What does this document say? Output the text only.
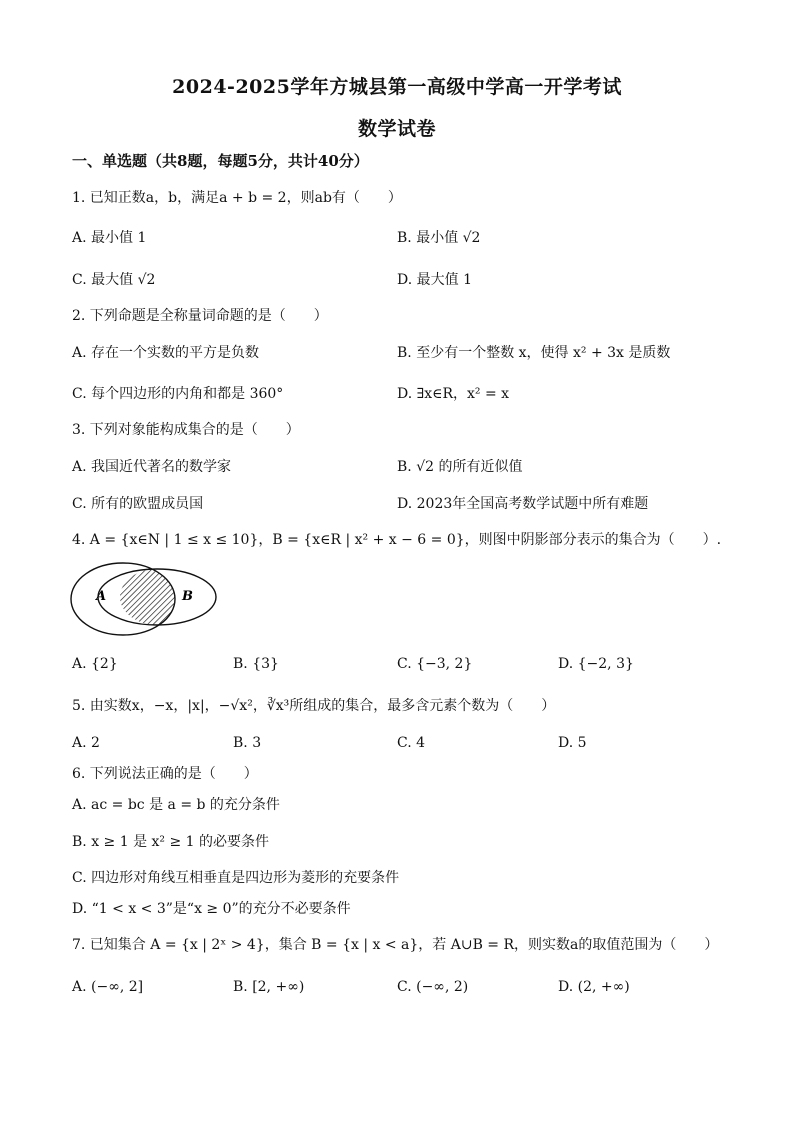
2024-2025学年方城县第一高级中学高一开学考试
数学试卷
一、单选题（共8题，每题5分，共计40分）
1. 已知正数a，b，满足a + b = 2，则ab有（　　）
A. 最小值 1	B. 最小值 √2
C. 最大值 √2	D. 最大值 1
2. 下列命题是全称量词命题的是（　　）
A. 存在一个实数的平方是负数	B. 至少有一个整数 x，使得 x² + 3x 是质数
C. 每个四边形的内角和都是 360°	D. ∃x∈R，x² = x
3. 下列对象能构成集合的是（　　）
A. 我国近代著名的数学家	B. √2 的所有近似值
C. 所有的欧盟成员国	D. 2023年全国高考数学试题中所有难题
4. A = {x∈N | 1 ≤ x ≤ 10}，B = {x∈R | x² + x − 6 = 0}，则图中阴影部分表示的集合为（　　）.
A	B
A. {2}	B. {3}	C. {−3, 2}	D. {−2, 3}
5. 由实数x，−x，|x|，−√x²，∛x³所组成的集合，最多含元素个数为（　　）
A. 2	B. 3	C. 4	D. 5
6. 下列说法正确的是（　　）
A. ac = bc 是 a = b 的充分条件
B. x ≥ 1 是 x² ≥ 1 的必要条件
C. 四边形对角线互相垂直是四边形为菱形的充要条件
D. “1 < x < 3”是“x ≥ 0”的充分不必要条件
7. 已知集合 A = {x | 2ˣ > 4}，集合 B = {x | x < a}，若 A∪B = R，则实数a的取值范围为（　　）
A. (−∞, 2]	B. [2, +∞)	C. (−∞, 2)	D. (2, +∞)
